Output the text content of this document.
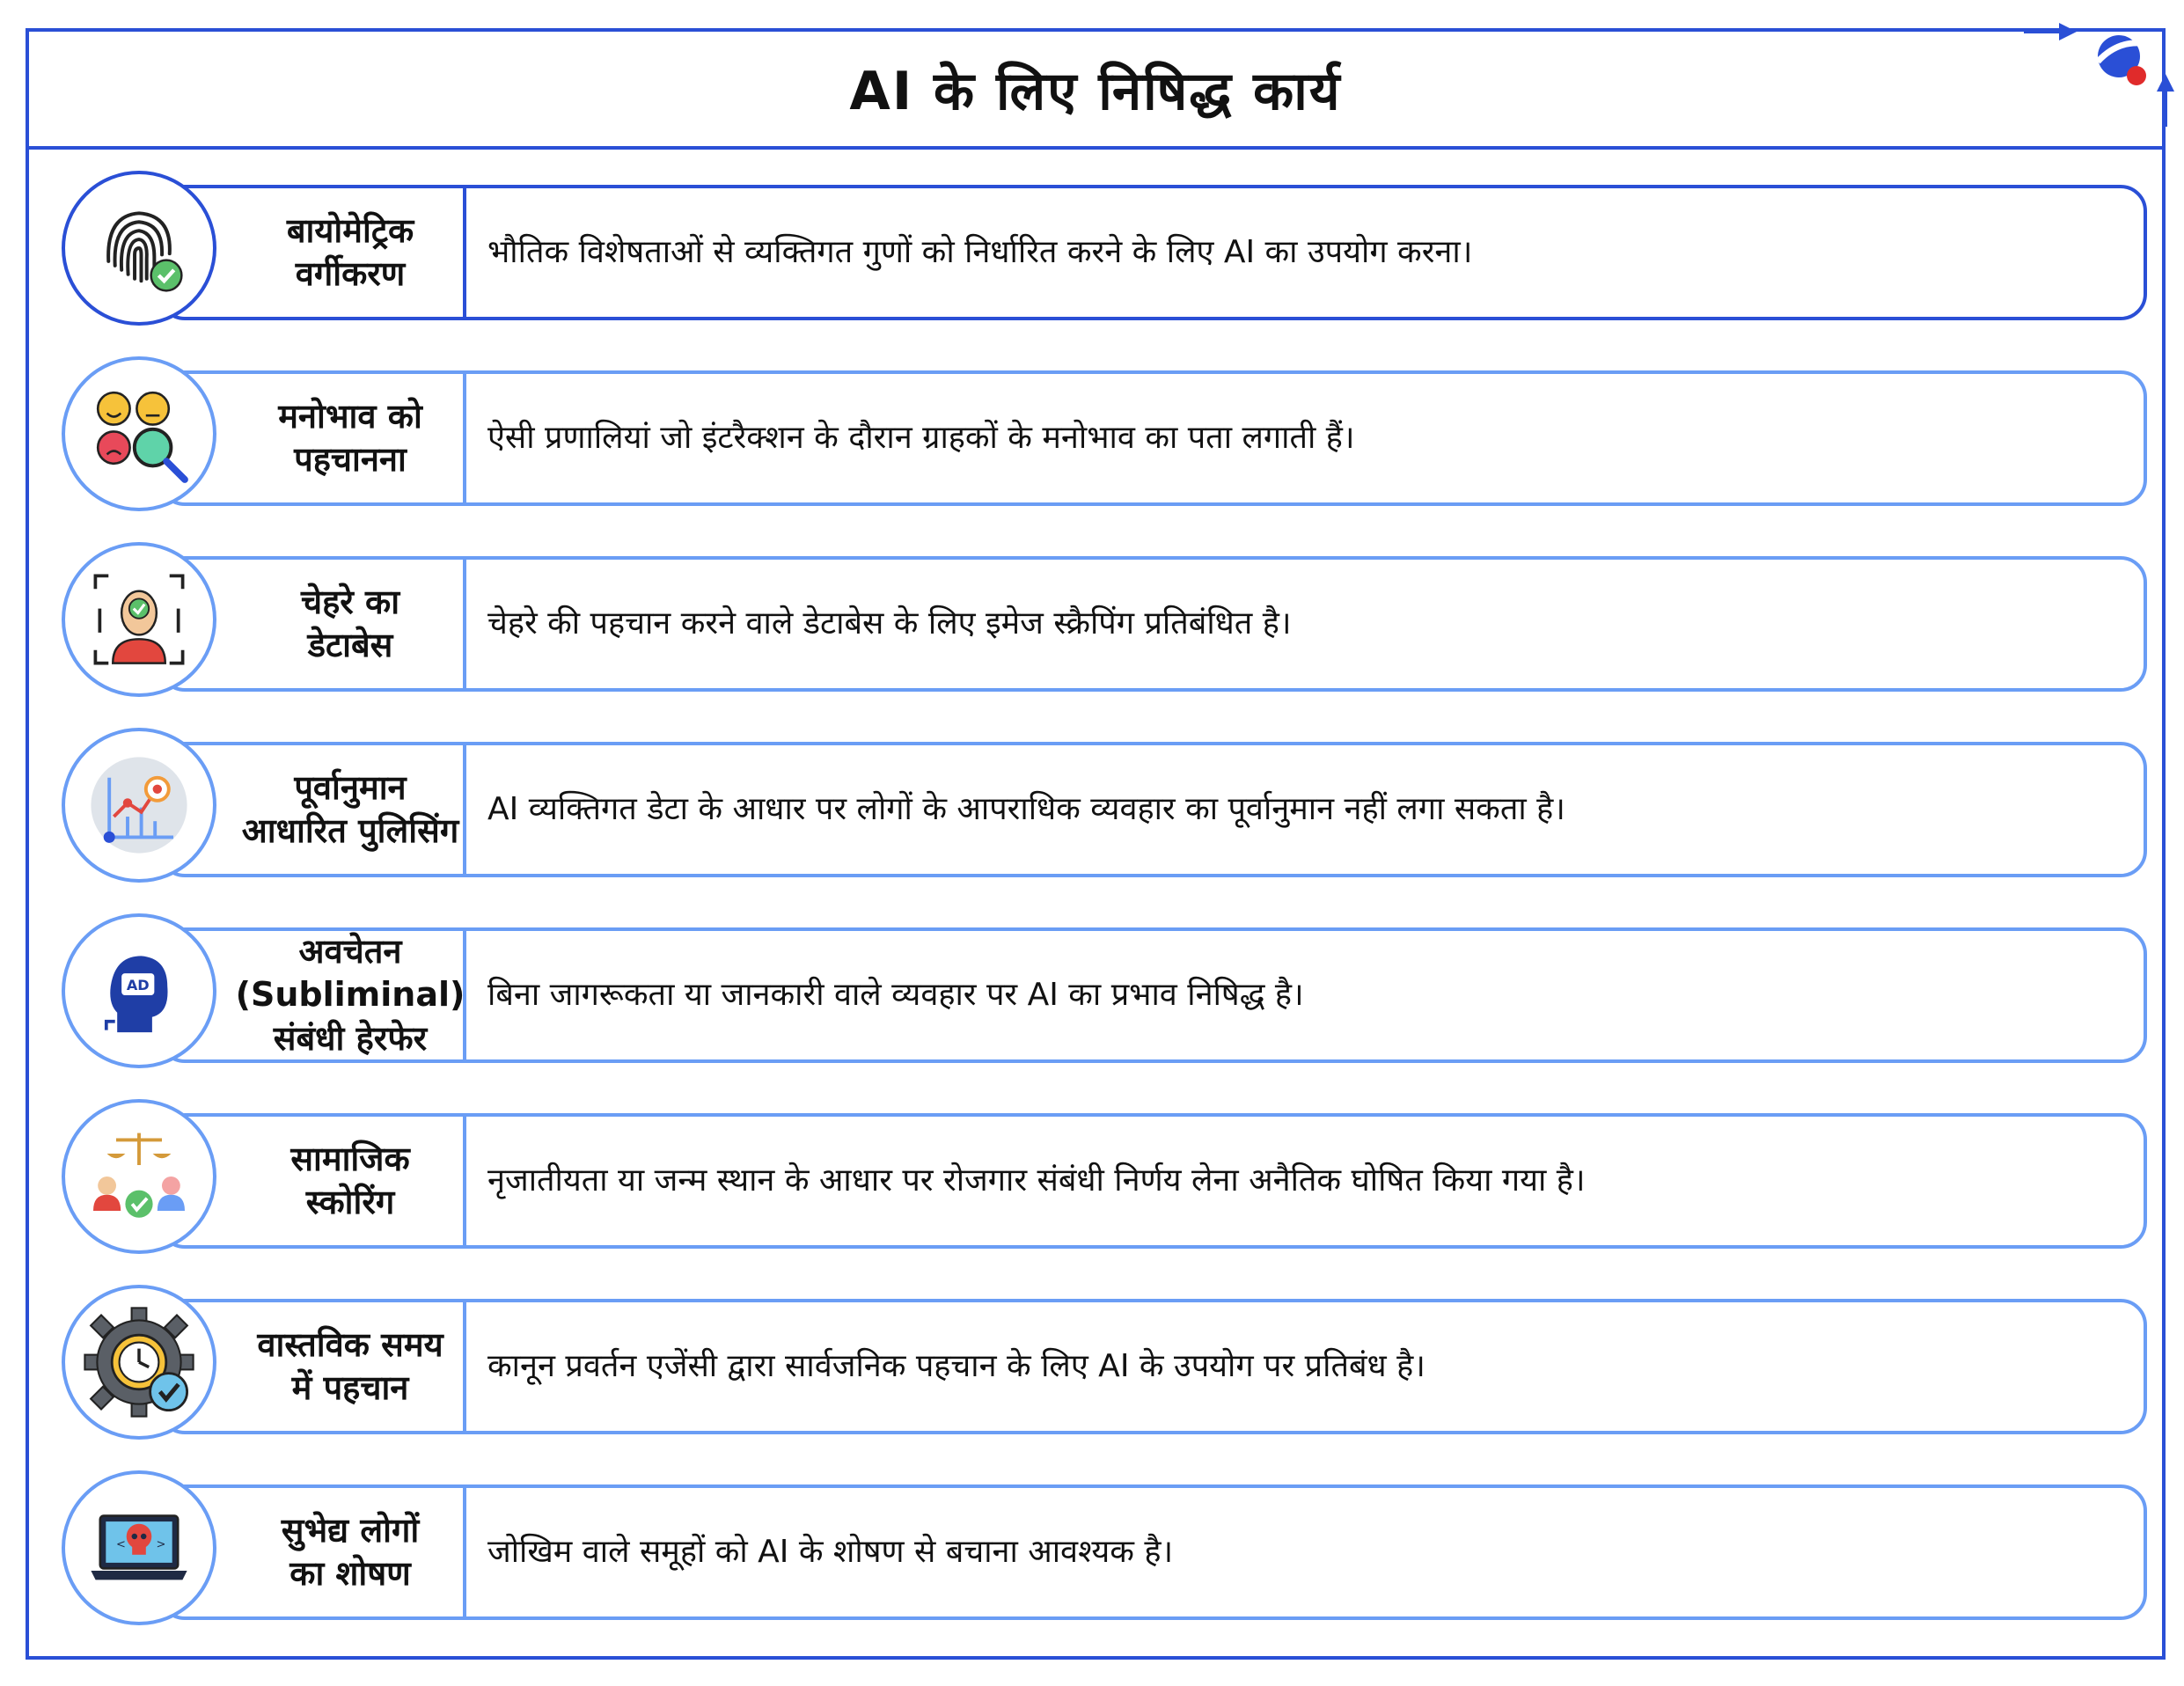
AI के लिए निषिद्ध कार्य
बायोमेट्रिक
वर्गीकरण
भौतिक विशेषताओं से व्यक्तिगत गुणों को निर्धारित करने के लिए AI का उपयोग करना।
मनोभाव को
पहचानना
ऐसी प्रणालियां जो इंटरैक्शन के दौरान ग्राहकों के मनोभाव का पता लगाती हैं।
चेहरे का
डेटाबेस
चेहरे की पहचान करने वाले डेटाबेस के लिए इमेज स्क्रैपिंग प्रतिबंधित है।
पूर्वानुमान
आधारित पुलिसिंग
AI व्यक्तिगत डेटा के आधार पर लोगों के आपराधिक व्यवहार का पूर्वानुमान नहीं लगा सकता है।
AD
अवचेतन
(Subliminal)
संबंधी हेरफेर
बिना जागरूकता या जानकारी वाले व्यवहार पर AI का प्रभाव निषिद्ध है।
सामाजिक
स्कोरिंग
नृजातीयता या जन्म स्थान के आधार पर रोजगार संबंधी निर्णय लेना अनैतिक घोषित किया गया है।
वास्तविक समय
में पहचान
कानून प्रवर्तन एजेंसी द्वारा सार्वजनिक पहचान के लिए AI के उपयोग पर प्रतिबंध है।
<	>	सुभेद्य लोगों
का शोषण
जोखिम वाले समूहों को AI के शोषण से बचाना आवश्यक है।
